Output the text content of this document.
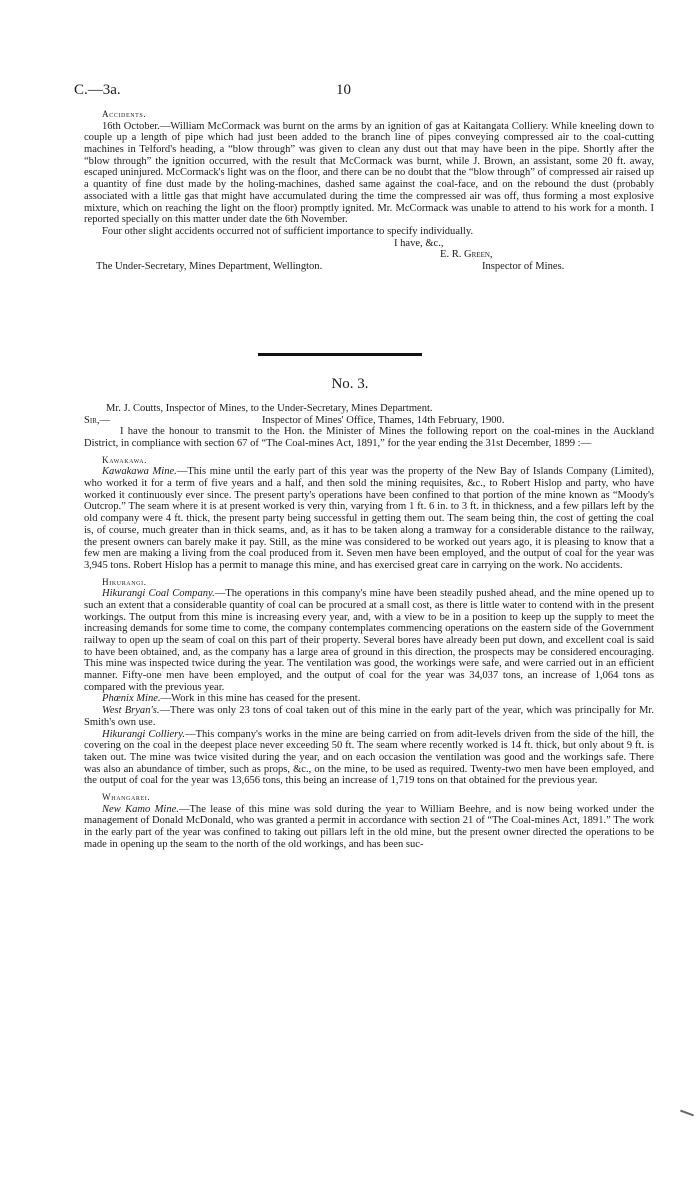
C.—3a.	10

Accidents.

16th October.—William McCormack was burnt on the arms by an ignition of gas at Kaitangata Colliery. While kneeling down to couple up a length of pipe which had just been added to the branch line of pipes conveying compressed air to the coal-cutting machines in Telford's heading, a “blow through” was given to clean any dust out that may have been in the pipe. Shortly after the “blow through” the ignition occurred, with the result that McCormack was burnt, while J. Brown, an assistant, some 20 ft. away, escaped uninjured. McCormack's light was on the floor, and there can be no doubt that the “blow through” of compressed air raised up a quantity of fine dust made by the holing-machines, dashed same against the coal-face, and on the rebound the dust (probably associated with a little gas that might have accumulated during the time the compressed air was off, thus forming a most explosive mixture, which on reaching the light on the floor) promptly ignited. Mr. McCormack was unable to attend to his work for a month. I reported specially on this matter under date the 6th November.

Four other slight accidents occurred not of sufficient importance to specify individually.

I have, &c.,
E. R. Green,
The Under-Secretary, Mines Department, Wellington.	Inspector of Mines.
No. 3.

Mr. J. Coutts, Inspector of Mines, to the Under-Secretary, Mines Department.

Sir,—	Inspector of Mines' Office, Thames, 14th February, 1900.

I have the honour to transmit to the Hon. the Minister of Mines the following report on the coal-mines in the Auckland District, in compliance with section 67 of “The Coal-mines Act, 1891,” for the year ending the 31st December, 1899 :—

Kawakawa.

Kawakawa Mine.—This mine until the early part of this year was the property of the New Bay of Islands Company (Limited), who worked it for a term of five years and a half, and then sold the mining requisites, &c., to Robert Hislop and party, who have worked it continuously ever since. The present party's operations have been confined to that portion of the mine known as “Moody's Outcrop.” The seam where it is at present worked is very thin, varying from 1 ft. 6 in. to 3 ft. in thickness, and a few pillars left by the old company were 4 ft. thick, the present party being successful in getting them out. The seam being thin, the cost of getting the coal is, of course, much greater than in thick seams, and, as it has to be taken along a tramway for a considerable distance to the railway, the present owners can barely make it pay. Still, as the mine was considered to be worked out years ago, it is pleasing to know that a few men are making a living from the coal produced from it. Seven men have been employed, and the output of coal for the year was 3,945 tons. Robert Hislop has a permit to manage this mine, and has exercised great care in carrying on the work. No accidents.

Hikurangi.

Hikurangi Coal Company.—The operations in this company's mine have been steadily pushed ahead, and the mine opened up to such an extent that a considerable quantity of coal can be procured at a small cost, as there is little water to contend with in the present workings. The output from this mine is increasing every year, and, with a view to be in a position to keep up the supply to meet the increasing demands for some time to come, the company contemplates commencing operations on the eastern side of the Government railway to open up the seam of coal on this part of their property. Several bores have already been put down, and excellent coal is said to have been obtained, and, as the company has a large area of ground in this direction, the prospects may be considered encouraging. This mine was inspected twice during the year. The ventilation was good, the workings were safe, and were carried out in an efficient manner. Fifty-one men have been employed, and the output of coal for the year was 34,037 tons, an increase of 1,064 tons as compared with the previous year.

Phœnix Mine.—Work in this mine has ceased for the present.

West Bryan's.—There was only 23 tons of coal taken out of this mine in the early part of the year, which was principally for Mr. Smith's own use.

Hikurangi Colliery.—This company's works in the mine are being carried on from adit-levels driven from the side of the hill, the covering on the coal in the deepest place never exceeding 50 ft. The seam where recently worked is 14 ft. thick, but only about 9 ft. is taken out. The mine was twice visited during the year, and on each occasion the ventilation was good and the workings safe. There was also an abundance of timber, such as props, &c., on the mine, to be used as required. Twenty-two men have been employed, and the output of coal for the year was 13,656 tons, this being an increase of 1,719 tons on that obtained for the previous year.

Whangarei.

New Kamo Mine.—The lease of this mine was sold during the year to William Beehre, and is now being worked under the management of Donald McDonald, who was granted a permit in accordance with section 21 of “The Coal-mines Act, 1891.” The work in the early part of the year was confined to taking out pillars left in the old mine, but the present owner directed the operations to be made in opening up the seam to the north of the old workings, and has been suc-
